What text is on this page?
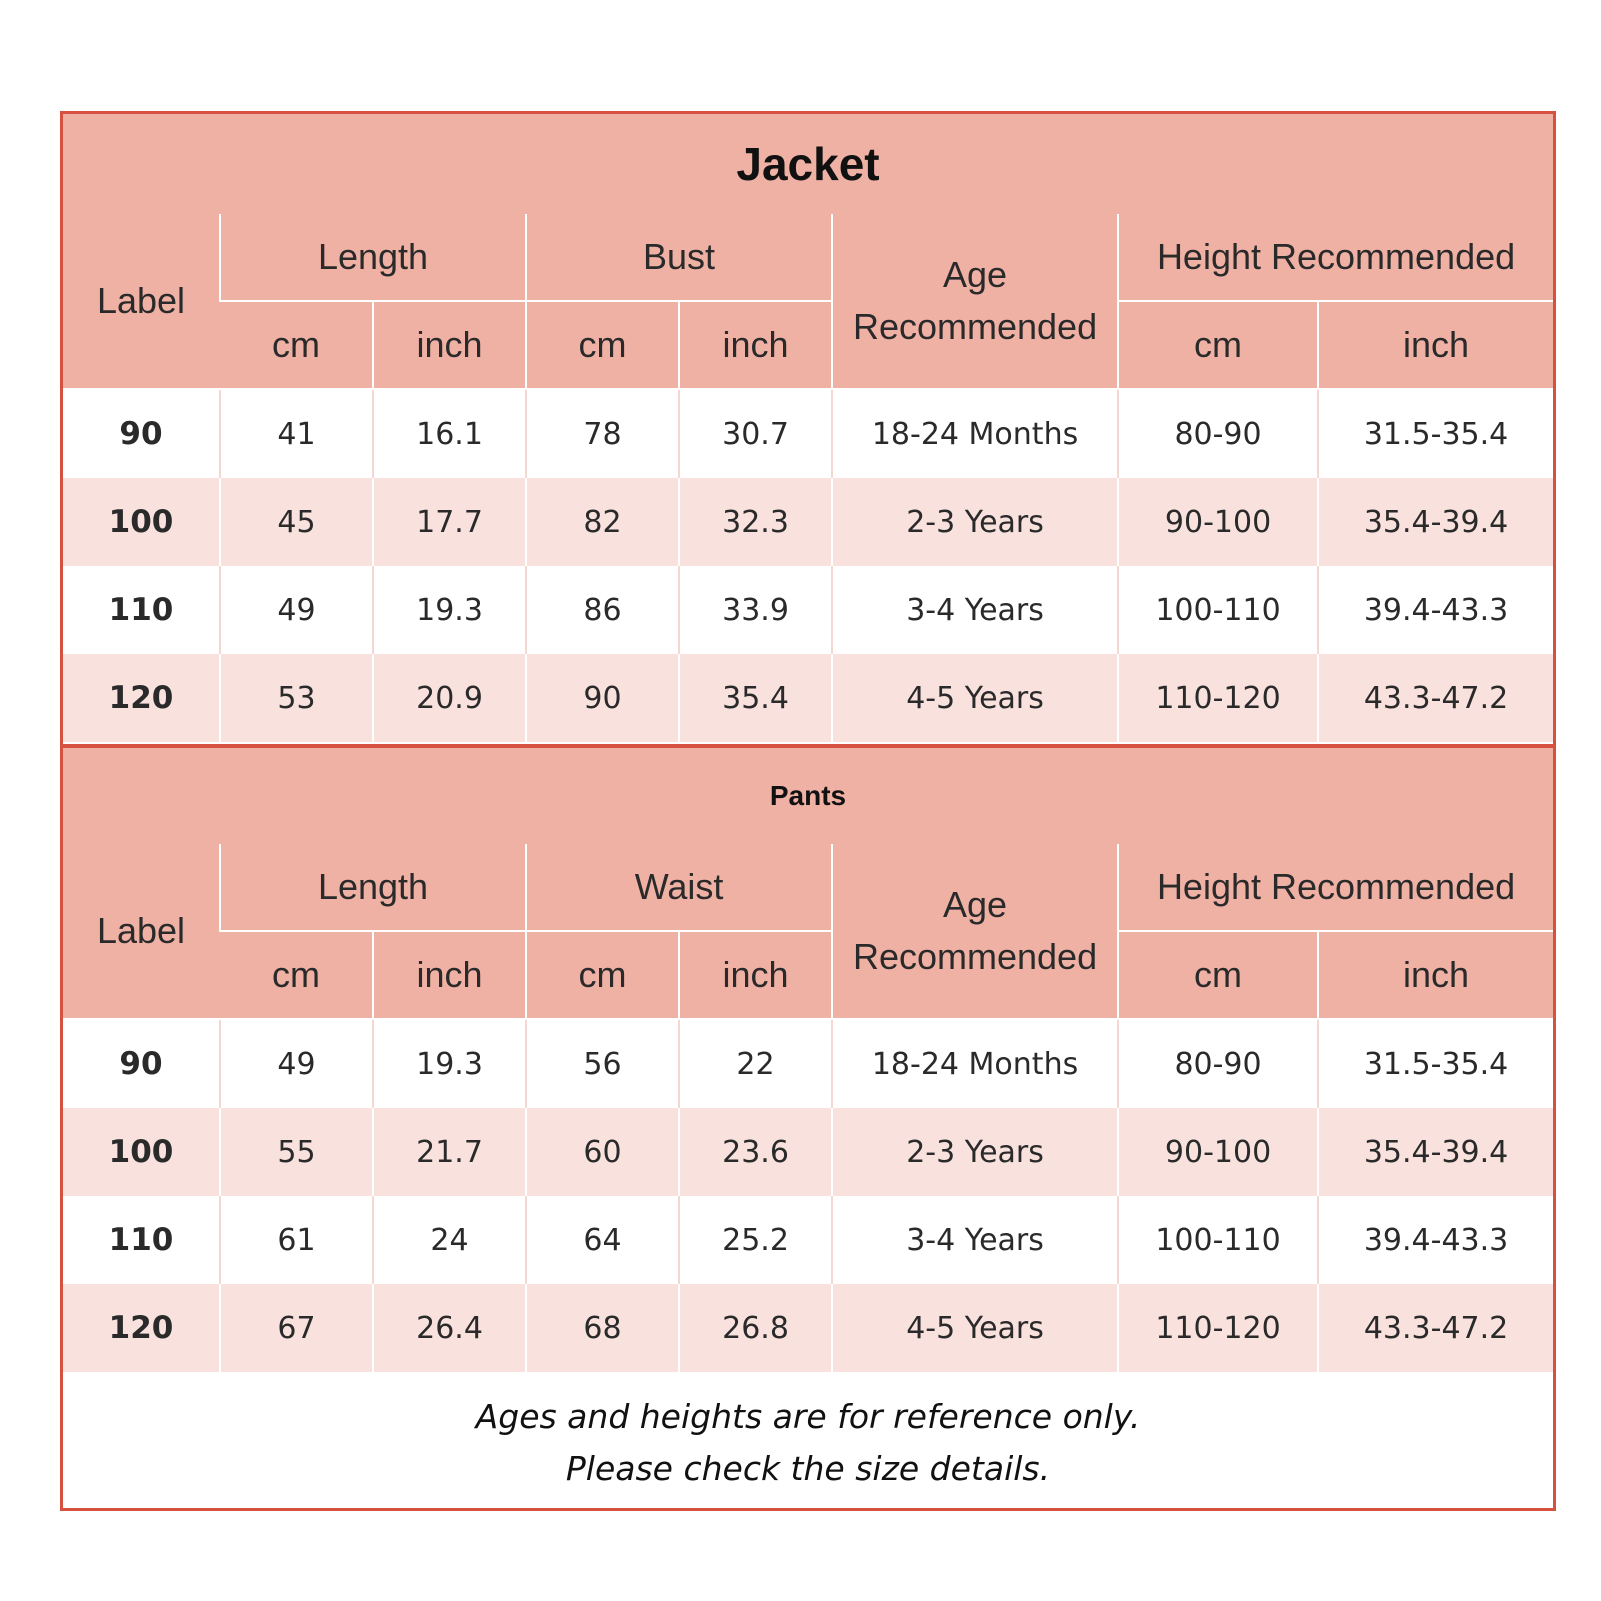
Jacket
Label	Length		Bust		Age Recommended	Height Recommended	
	cm	inch	cm	inch		cm	inch
90	41	16.1	78	30.7	18-24 Months	80-90	31.5-35.4
100	45	17.7	82	32.3	2-3 Years	90-100	35.4-39.4
110	49	19.3	86	33.9	3-4 Years	100-110	39.4-43.3
120	53	20.9	90	35.4	4-5 Years	110-120	43.3-47.2
Pants
Label	Length		Waist		Age Recommended	Height Recommended	
	cm	inch	cm	inch		cm	inch
90	49	19.3	56	22	18-24 Months	80-90	31.5-35.4
100	55	21.7	60	23.6	2-3 Years	90-100	35.4-39.4
110	61	24	64	25.2	3-4 Years	100-110	39.4-43.3
120	67	26.4	68	26.8	4-5 Years	110-120	43.3-47.2
Ages and heights are for reference only.
Please check the size details.
